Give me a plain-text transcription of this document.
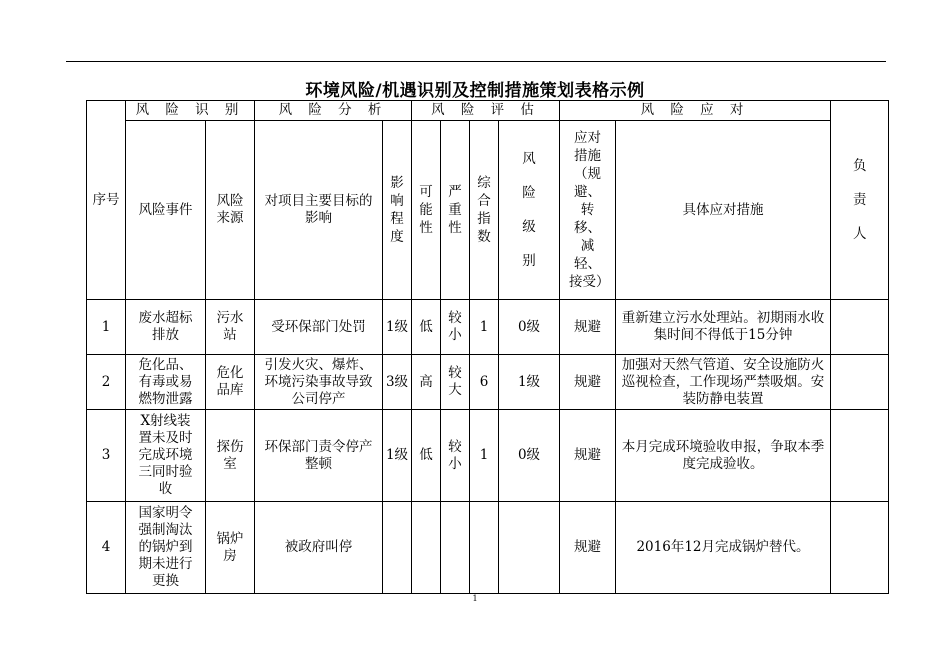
环境风险/机遇识别及控制措施策划表格示例
序号	风 险 识 别		风 险 分 析		风 险 评 估				风 险 应 对		负责人
	风险事件	风险来源	对项目主要目标的影响	影响程度	可能性	严重性	综合指数	风险级别	应对措施（规避、转移、减轻、接受）	具体应对措施	
1	废水超标排放	污水站	受环保部门处罚	1级	低	较小	1	0级	规避	重新建立污水处理站。初期雨水收集时间不得低于15分钟	
2	危化品、有毒或易燃物泄露	危化品库	引发火灾、爆炸、环境污染事故导致公司停产	3级	高	较大	6	1级	规避	加强对天然气管道、安全设施防火巡视检查，工作现场严禁吸烟。安装防静电装置	
3	X射线装置未及时完成环境三同时验收	探伤室	环保部门责令停产整顿	1级	低	较小	1	0级	规避	本月完成环境验收申报，争取本季度完成验收。	
4	国家明令强制淘汰的锅炉到期未进行更换	锅炉房	被政府叫停						规避	2016年12月完成锅炉替代。	
1
